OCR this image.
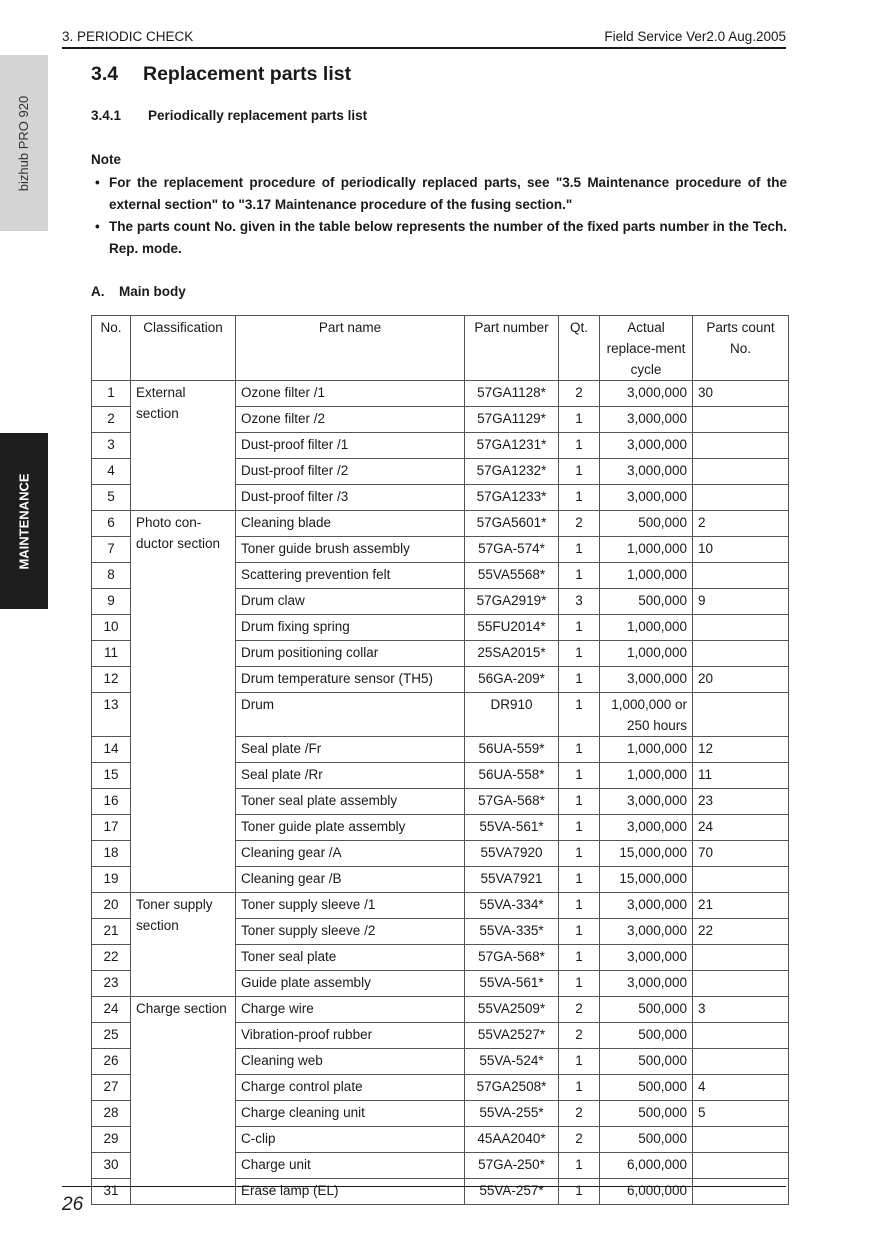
3. PERIODIC CHECK	Field Service Ver2.0 Aug.2005
bizhub PRO 920
MAINTENANCE
3.4 Replacement parts list
3.4.1 Periodically replacement parts list
Note
• For the replacement procedure of periodically replaced parts, see "3.5 Maintenance procedure of the external section" to "3.17 Maintenance procedure of the fusing section."
• The parts count No. given in the table below represents the number of the fixed parts number in the Tech. Rep. mode.
A. Main body
No.	Classification	Part name	Part number	Qt.	Actual replace-ment cycle	Parts count No.
1	External section	Ozone filter /1	57GA1128*	2	3,000,000	30
2		Ozone filter /2	57GA1129*	1	3,000,000	
3		Dust-proof filter /1	57GA1231*	1	3,000,000	
4		Dust-proof filter /2	57GA1232*	1	3,000,000	
5		Dust-proof filter /3	57GA1233*	1	3,000,000	
6	Photo con-ductor section	Cleaning blade	57GA5601*	2	500,000	2
7		Toner guide brush assembly	57GA-574*	1	1,000,000	10
8		Scattering prevention felt	55VA5568*	1	1,000,000	
9		Drum claw	57GA2919*	3	500,000	9
10		Drum fixing spring	55FU2014*	1	1,000,000	
11		Drum positioning collar	25SA2015*	1	1,000,000	
12		Drum temperature sensor (TH5)	56GA-209*	1	3,000,000	20
13		Drum	DR910	1	1,000,000 or 250 hours	
14		Seal plate /Fr	56UA-559*	1	1,000,000	12
15		Seal plate /Rr	56UA-558*	1	1,000,000	11
16		Toner seal plate assembly	57GA-568*	1	3,000,000	23
17		Toner guide plate assembly	55VA-561*	1	3,000,000	24
18		Cleaning gear /A	55VA7920	1	15,000,000	70
19		Cleaning gear /B	55VA7921	1	15,000,000	
20	Toner supply section	Toner supply sleeve /1	55VA-334*	1	3,000,000	21
21		Toner supply sleeve /2	55VA-335*	1	3,000,000	22
22		Toner seal plate	57GA-568*	1	3,000,000	
23		Guide plate assembly	55VA-561*	1	3,000,000	
24	Charge section	Charge wire	55VA2509*	2	500,000	3
25		Vibration-proof rubber	55VA2527*	2	500,000	
26		Cleaning web	55VA-524*	1	500,000	
27		Charge control plate	57GA2508*	1	500,000	4
28		Charge cleaning unit	55VA-255*	2	500,000	5
29		C-clip	45AA2040*	2	500,000	
30		Charge unit	57GA-250*	1	6,000,000	
31		Erase lamp (EL)	55VA-257*	1	6,000,000	
26
